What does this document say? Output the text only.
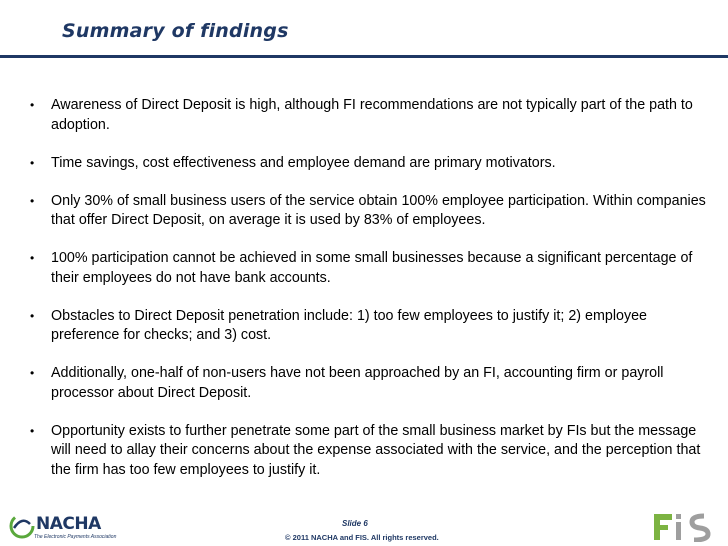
Summary of findings
• Awareness of Direct Deposit is high, although FI recommendations are not typically part of the path to adoption.
• Time savings, cost effectiveness and employee demand are primary motivators.
• Only 30% of small business users of the service obtain 100% employee participation. Within companies that offer Direct Deposit, on average it is used by 83% of employees.
• 100% participation cannot be achieved in some small businesses because a significant percentage of their employees do not have bank accounts.
• Obstacles to Direct Deposit penetration include: 1) too few employees to justify it; 2) employee preference for checks; and 3) cost.
• Additionally, one-half of non-users have not been approached by an FI, accounting firm or payroll processor about Direct Deposit.
• Opportunity exists to further penetrate some part of the small business market by FIs but the message will need to allay their concerns about the expense associated with the service, and the perception that the firm has too few employees to justify it.
NACHA
The Electronic Payments Association
Slide 6
© 2011 NACHA and FIS. All rights reserved.
